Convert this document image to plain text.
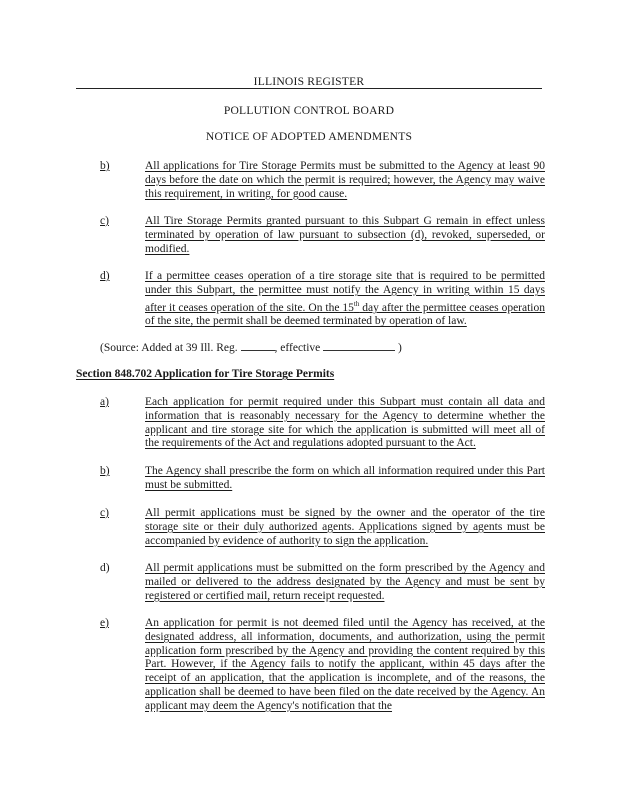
ILLINOIS REGISTER
POLLUTION CONTROL BOARD
NOTICE OF ADOPTED AMENDMENTS
b)	All applications for Tire Storage Permits must be submitted to the Agency at least 90 days before the date on which the permit is required; however, the Agency may waive this requirement, in writing, for good cause.
c)	All Tire Storage Permits granted pursuant to this Subpart G remain in effect unless terminated by operation of law pursuant to subsection (d), revoked, superseded, or modified.
d)	If a permittee ceases operation of a tire storage site that is required to be permitted under this Subpart, the permittee must notify the Agency in writing within 15 days after it ceases operation of the site. On the 15th day after the permittee ceases operation of the site, the permit shall be deemed terminated by operation of law.
(Source: Added at 39 Ill. Reg.	, effective	)
Section 848.702 Application for Tire Storage Permits
a)	Each application for permit required under this Subpart must contain all data and information that is reasonably necessary for the Agency to determine whether the applicant and tire storage site for which the application is submitted will meet all of the requirements of the Act and regulations adopted pursuant to the Act.
b)	The Agency shall prescribe the form on which all information required under this Part must be submitted.
c)	All permit applications must be signed by the owner and the operator of the tire storage site or their duly authorized agents. Applications signed by agents must be accompanied by evidence of authority to sign the application.
d)	All permit applications must be submitted on the form prescribed by the Agency and mailed or delivered to the address designated by the Agency and must be sent by registered or certified mail, return receipt requested.
e)	An application for permit is not deemed filed until the Agency has received, at the designated address, all information, documents, and authorization, using the permit application form prescribed by the Agency and providing the content required by this Part. However, if the Agency fails to notify the applicant, within 45 days after the receipt of an application, that the application is incomplete, and of the reasons, the application shall be deemed to have been filed on the date received by the Agency. An applicant may deem the Agency's notification that the
